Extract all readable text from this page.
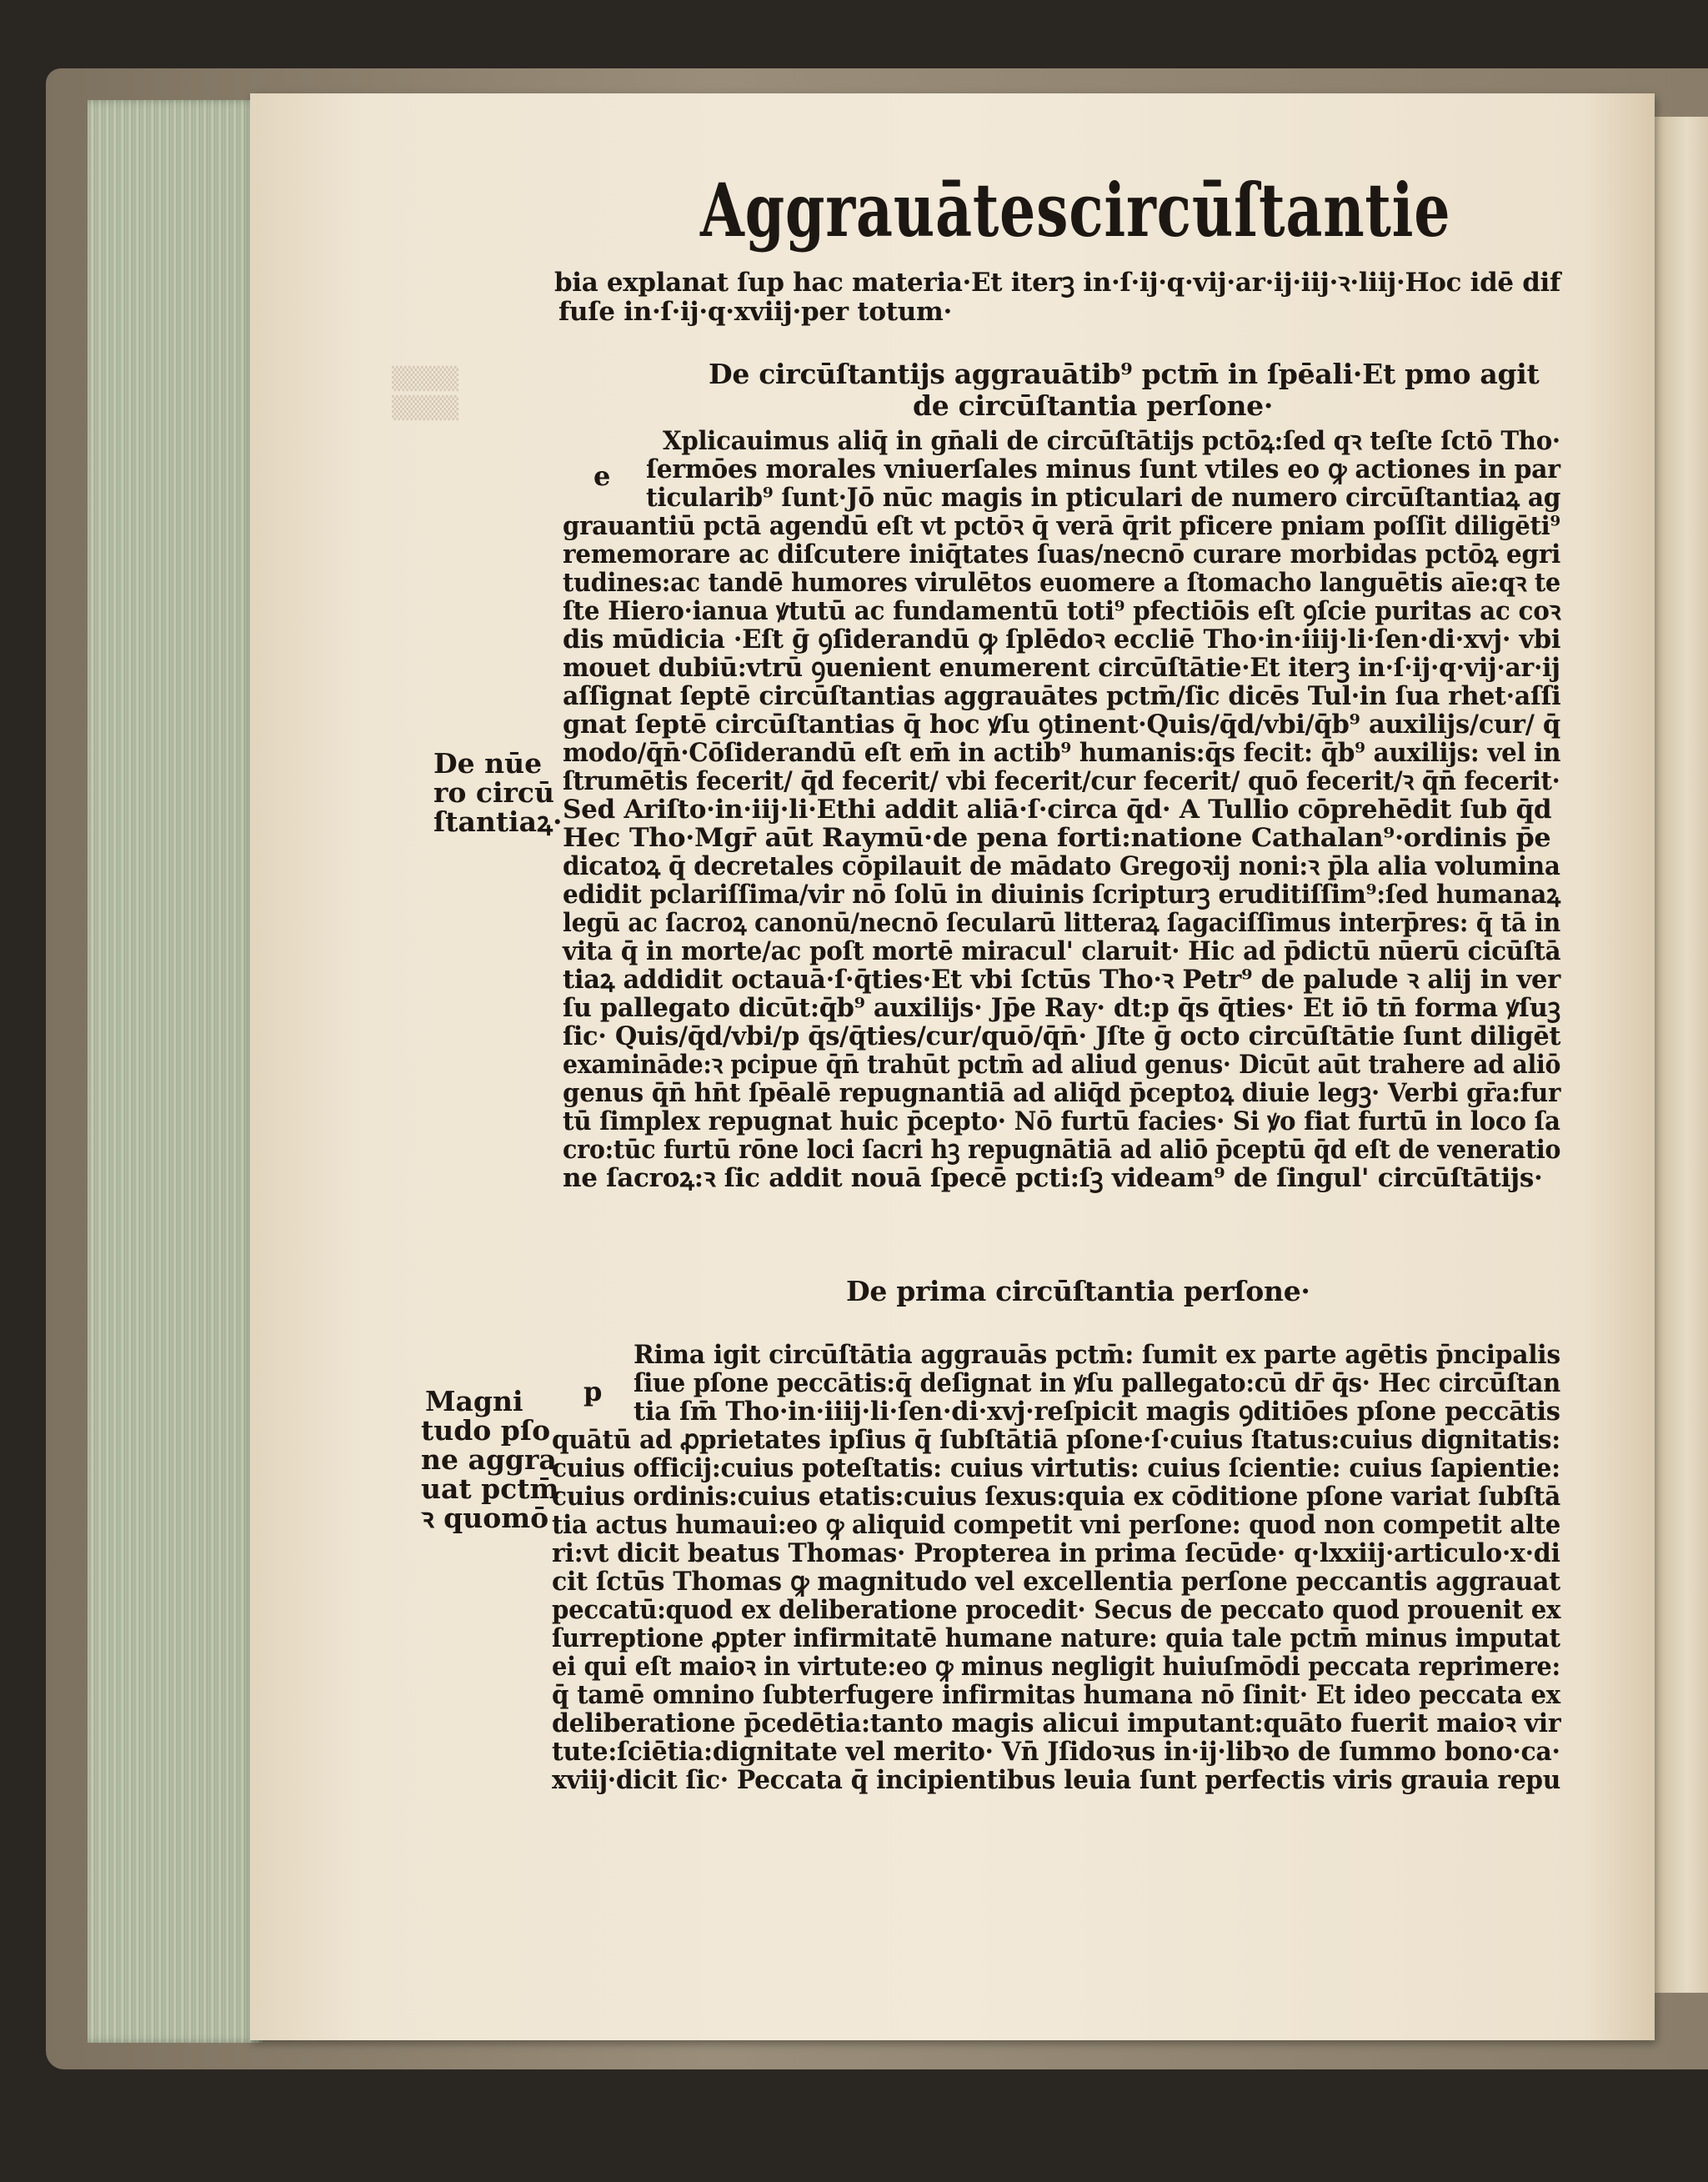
▒▒▒▒
▒▒▒▒
Aggrauātescircūſtantie
bia explanat ſup hac materia·Et iterꝫ in·ſ·ij·q·vij·ar·ij·iij·ꝛ·liij·Hoc idē dif
fuſe in·ſ·ij·q·xviij·per totum·
De circūſtantijs aggrauātib⁹ pctm̄ in ſpēali·Et pmo agit
de circūſtantia perſone·
e
Xplicauimus aliq̄ in gn̄ali de circūſtātijs pctōꝝ:ſed qꝛ teſte ſctō Tho·
ſermōes morales vniuerſales minus ſunt vtiles eo ꝙ actiones in par
ticularib⁹ ſunt·Jō nūc magis in pticulari de numero circūſtantiaꝝ ag
grauantiū pctā agendū eſt vt pctōꝛ q̄ verā q̄rit pficere pniam poſſit diligēti⁹
rememorare ac diſcutere iniq̄tates ſuas/necnō curare morbidas pctōꝝ egri
tudines:ac tandē humores virulētos euomere a ſtomacho languētis aīe:qꝛ te
ſte Hiero·ianua ꝟtutū ac fundamentū toti⁹ pfectiōis eſt ꝯſcie puritas ac coꝛ
dis mūdicia ·Eſt ḡ ꝯſiderandū ꝙ ſplēdoꝛ eccliē Tho·in·iiij·li·ſen·di·xvj· vbi
mouet dubiū:vtrū ꝯuenient enumerent circūſtātie·Et iterꝫ in·ſ·ij·q·vij·ar·ij
aſſignat ſeptē circūſtantias aggrauātes pctm̄/ſic dicēs Tul·in ſua rhet·aſſi
gnat ſeptē circūſtantias q̄ hoc ꝟſu ꝯtinent·Quis/q̄d/vbi/q̄b⁹ auxilijs/cur/ q̄
modo/q̄n̄·Cōſiderandū eſt em̄ in actib⁹ humanis:q̄s fecit: q̄b⁹ auxilijs: vel in
ſtrumētis fecerit/ q̄d fecerit/ vbi fecerit/cur fecerit/ quō fecerit/ꝛ q̄n̄ fecerit·
Sed Ariſto·in·iij·li·Ethi addit aliā·ſ·circa q̄d· A Tullio cōprehēdit ſub q̄d
Hec Tho·Mgr̄ aūt Raymū·de pena forti:natione Cathalan⁹·ordinis p̄e
dicatoꝝ q̄ decretales cōpilauit de mādato Gregoꝛij noni:ꝛ p̄la alia volumina
edidit pclariſſima/vir nō ſolū in diuinis ſcripturꝫ eruditiſſim⁹:ſed humanaꝝ
legū ac ſacroꝝ canonū/necnō ſecularū litteraꝝ ſagaciſſimus interp̄res: q̄ tā in
vita q̄ in morte/ac poſt mortē miracul' claruit· Hic ad p̄dictū nūerū cicūſtā
tiaꝝ addidit octauā·ſ·q̄ties·Et vbi ſctūs Tho·ꝛ Petr⁹ de palude ꝛ alij in ver
ſu pallegato dicūt:q̄b⁹ auxilijs· Jp̄e Ray· dt:p q̄s q̄ties· Et iō tn̄ forma ꝟſuꝫ
ſic· Quis/q̄d/vbi/p q̄s/q̄ties/cur/quō/q̄n̄· Jſte ḡ octo circūſtātie ſunt diligēt
examināde:ꝛ pcipue q̄n̄ trahūt pctm̄ ad aliud genus· Dicūt aūt trahere ad aliō
genus q̄n̄ hn̄t ſpēalē repugnantiā ad aliq̄d p̄ceptoꝝ diuie legꝫ· Verbi gr̄a:fur
tū ſimplex repugnat huic p̄cepto· Nō furtū facies· Si ꝟo fiat furtū in loco ſa
cro:tūc furtū rōne loci ſacri hꝫ repugnātiā ad aliō p̄ceptū q̄d eſt de veneratio
ne ſacroꝝ:ꝛ ſic addit nouā ſpecē pcti:ſꝫ videam⁹ de ſingul' circūſtātijs·
De nūe
ro circū
ſtantiaꝝ·
De prima circūſtantia perſone·
p
Rima igit circūſtātia aggrauās pctm̄: ſumit ex parte agētis p̄ncipalis
ſiue pſone peccātis:q̄ deſignat in ꝟſu pallegato:cū dr̄ q̄s· Hec circūſtan
tia ſm̄ Tho·in·iiij·li·ſen·di·xvj·reſpicit magis ꝯditiōes pſone peccātis
quātū ad ꝓprietates ipſius q̄ ſubſtātiā pſone·ſ·cuius ſtatus:cuius dignitatis:
cuius officij:cuius poteſtatis: cuius virtutis: cuius ſcientie: cuius ſapientie:
cuius ordinis:cuius etatis:cuius ſexus:quia ex cōditione pſone variat ſubſtā
tia actus humaui:eo ꝙ aliquid competit vni perſone: quod non competit alte
ri:vt dicit beatus Thomas· Propterea in prima ſecūde· q·lxxiij·articulo·x·di
cit ſctūs Thomas ꝙ magnitudo vel excellentia perſone peccantis aggrauat
peccatū:quod ex deliberatione procedit· Secus de peccato quod prouenit ex
ſurreptione ꝓpter infirmitatē humane nature: quia tale pctm̄ minus imputat
ei qui eſt maioꝛ in virtute:eo ꝙ minus negligit huiuſmōdi peccata reprimere:
q̄ tamē omnino ſubterfugere infirmitas humana nō ſinit· Et ideo peccata ex
deliberatione p̄cedētia:tanto magis alicui imputant:quāto fuerit maioꝛ vir
tute:ſciētia:dignitate vel merito· Vn̄ Jſidoꝛus in·ij·libꝛo de ſummo bono·ca·
xviij·dicit ſic· Peccata q̄ incipientibus leuia ſunt perfectis viris grauia repu
Magni
tudo pſo
ne aggra
uat pctm̄
ꝛ quomō
